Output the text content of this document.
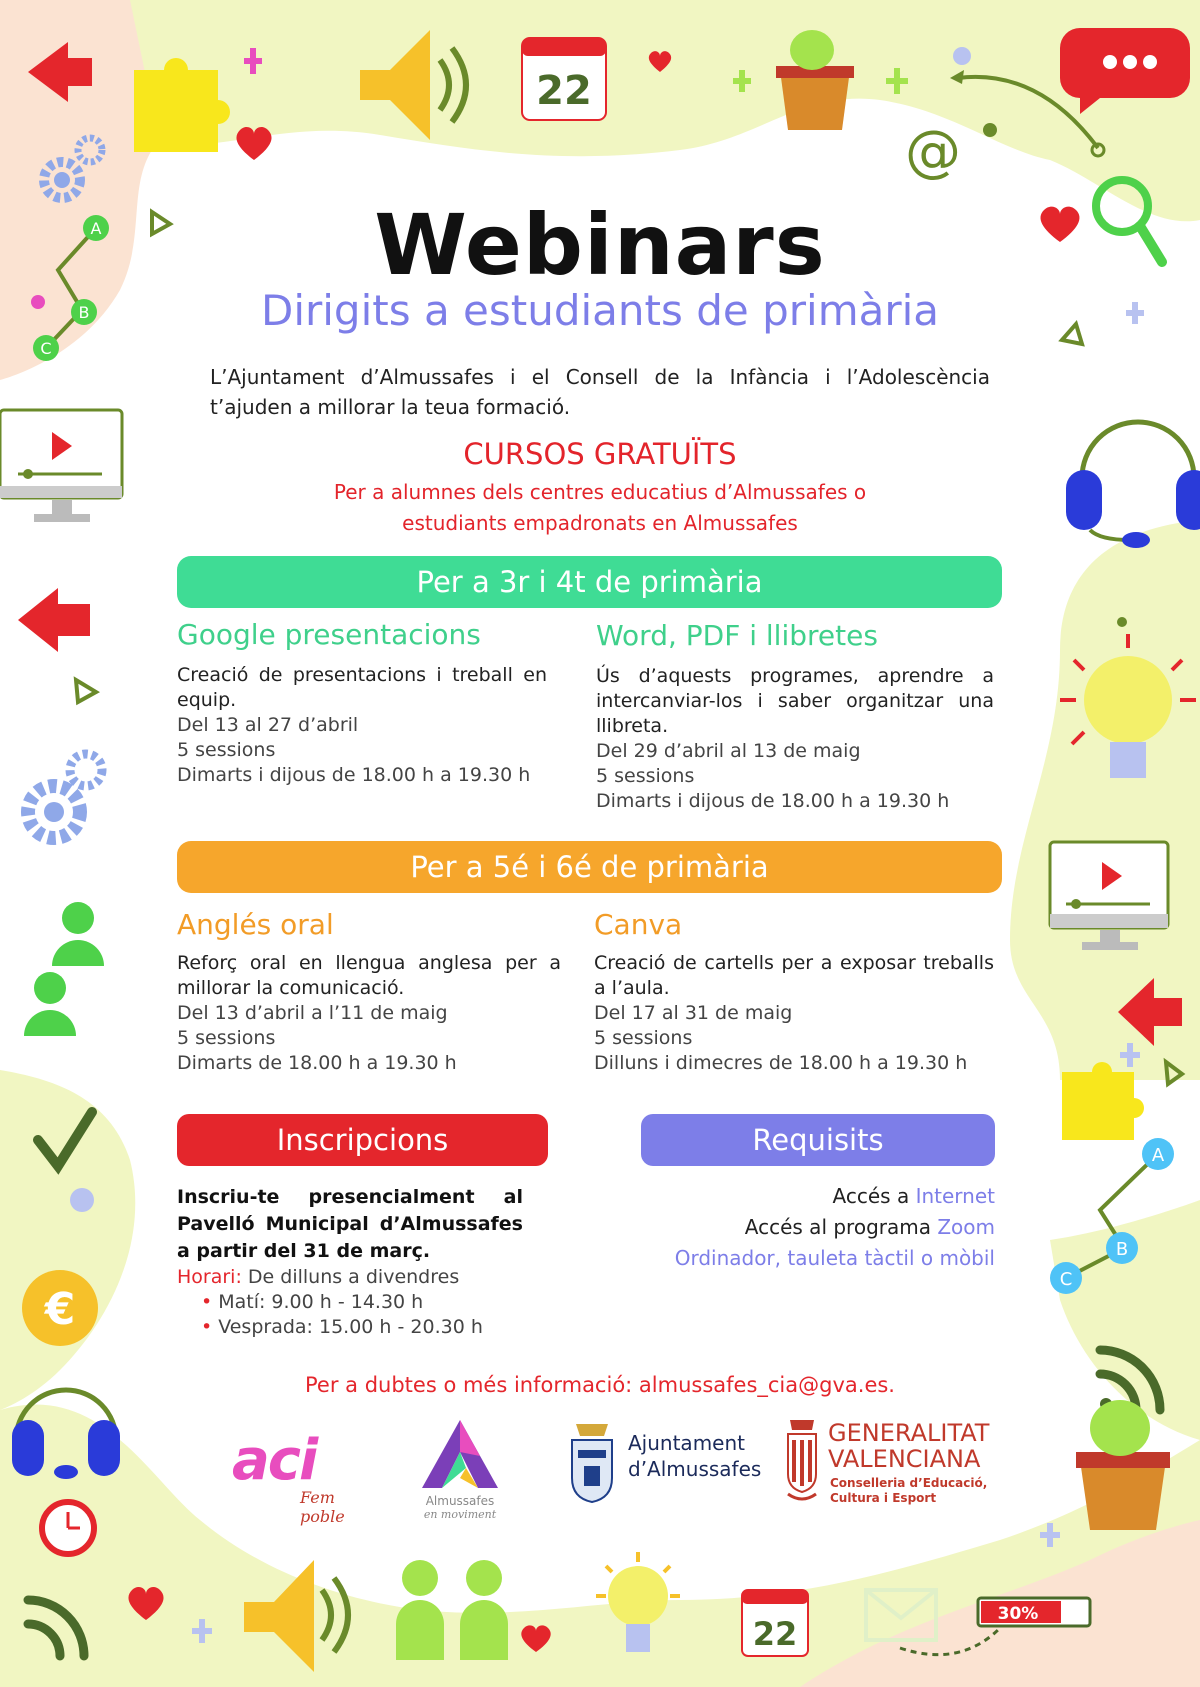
22
@
A
B
C
A
B
C
€
22
30%
Webinars
Dirigits a estudiants de primària
L’Ajuntament d’Almussafes i el Consell de la Infància i l’Adolescència t’ajuden a millorar la teua formació.
CURSOS GRATUÏTS
Per a alumnes dels centres educatius d’Almussafes o
estudiants empadronats en Almussafes
Per a 3r i 4t de primària
Google presentacions
Creació de presentacions i treball en equip.
Del 13 al 27 d’abril
5 sessions
Dimarts i dijous de 18.00 h a 19.30 h
Word, PDF i llibretes
Ús d’aquests programes, aprendre a intercanviar-los i saber organitzar una llibreta.
Del 29 d’abril al 13 de maig
5 sessions
Dimarts i dijous de 18.00 h a 19.30 h
Per a 5é i 6é de primària
Anglés oral
Reforç oral en llengua anglesa per a millorar la comunicació.
Del 13 d’abril a l’11 de maig
5 sessions
Dimarts de 18.00 h a 19.30 h
Canva
Creació de cartells per a exposar treballs a l’aula.
Del 17 al 31 de maig
5 sessions
Dilluns i dimecres de 18.00 h a 19.30 h
Inscripcions
Inscriu-te presencialment al Pavelló Municipal d’Almussafes a partir del 31 de març.
Horari: De dilluns a divendres
• Matí: 9.00 h - 14.30 h
• Vesprada: 15.00 h - 20.30 h
Requisits
Accés a Internet
Accés al programa Zoom
Ordinador, tauleta tàctil o mòbil
Per a dubtes o més informació: almussafes_cia@gva.es.
aci
Fem poble
Almussafes
en moviment
Ajuntament
d’Almussafes
GENERALITAT
VALENCIANA
Conselleria d’Educació,
Cultura i Esport
